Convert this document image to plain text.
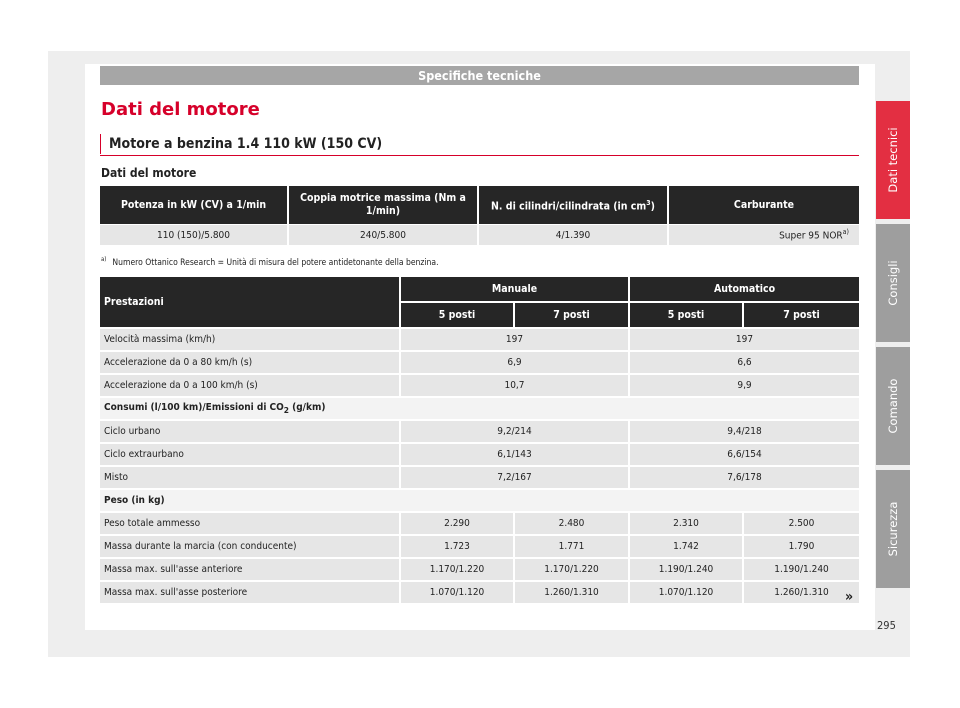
Specifiche tecniche
Dati del motore
Motore a benzina 1.4 110 kW (150 CV)
Dati del motore
Potenza in kW (CV) a 1/min	Coppia motrice massima (Nm a 1/min)	N. di cilindri/cilindrata (in $cm^3$)	Carburante
110 (150)/5.800	240/5.800	4/1.390	Super 95 NOR$^{a)}$
$^{a)}$ Numero Ottanico Research = Unità di misura del potere antidetonante della benzina.
Prestazioni	Manuale		Automatico	
	5 posti	7 posti	5 posti	7 posti
Velocità massima (km/h)	197		197	
Accelerazione da 0 a 80 km/h (s)	6,9		6,6	
Accelerazione da 0 a 100 km/h (s)	10,7		9,9	
Consumi (l/100 km)/Emissioni di $CO_2$ (g/km)				
Ciclo urbano	9,2/214		9,4/218	
Ciclo extraurbano	6,1/143		6,6/154	
Misto	7,2/167		7,6/178	
Peso (in kg)				
Peso totale ammesso	2.290	2.480	2.310	2.500
Massa durante la marcia (con conducente)	1.723	1.771	1.742	1.790
Massa max. sull'asse anteriore	1.170/1.220	1.170/1.220	1.190/1.240	1.190/1.240
Massa max. sull'asse posteriore	1.070/1.120	1.260/1.310	1.070/1.120	1.260/1.310
Dati tecnici
Consigli
Comando
Sicurezza
»
295
